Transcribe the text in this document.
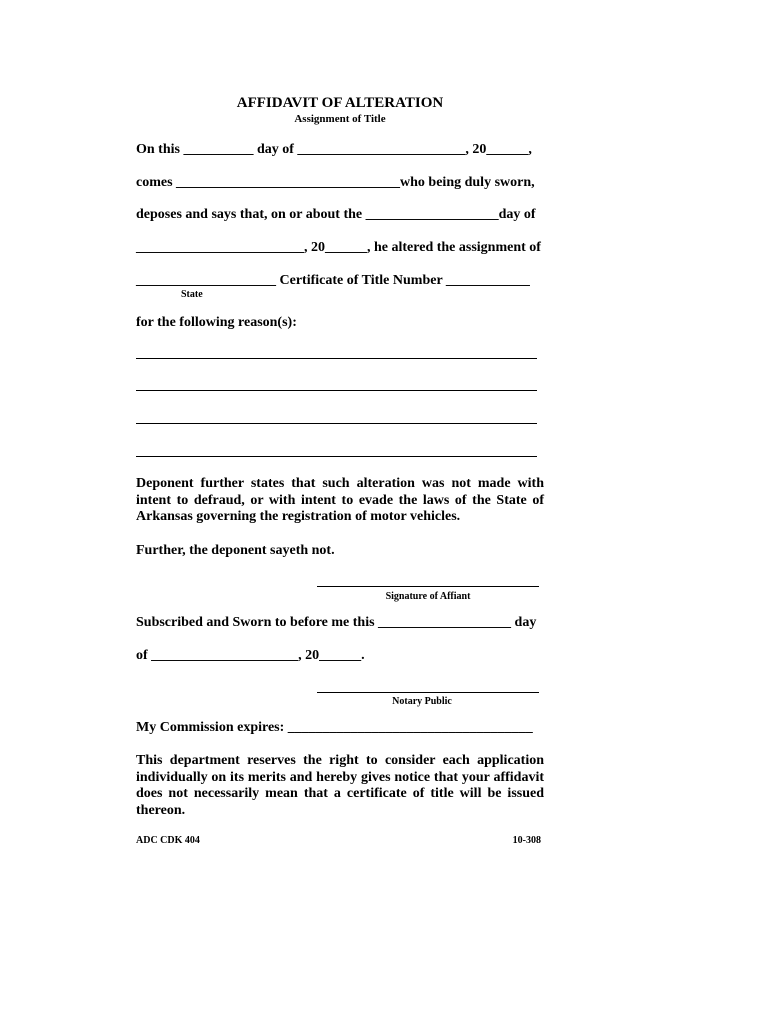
AFFIDAVIT OF ALTERATION
Assignment of Title
On this __________ day of ________________________, 20______,
comes ________________________________who being duly sworn,
deposes and says that, on or about the ___________________day of
________________________, 20______, he altered the assignment of
____________________ Certificate of Title Number ____________
State
for the following reason(s):
Deponent further states that such alteration was not made with intent to defraud, or with intent to evade the laws of the State of Arkansas governing the registration of motor vehicles.
Further, the deponent sayeth not.
Signature of Affiant
Subscribed and Sworn to before me this ___________________ day
of _____________________, 20______.
Notary Public
My Commission expires: ___________________________________
This department reserves the right to consider each application individually on its merits and hereby gives notice that your affidavit does not necessarily mean that a certificate of title will be issued thereon.
ADC CDK 404	10-308
